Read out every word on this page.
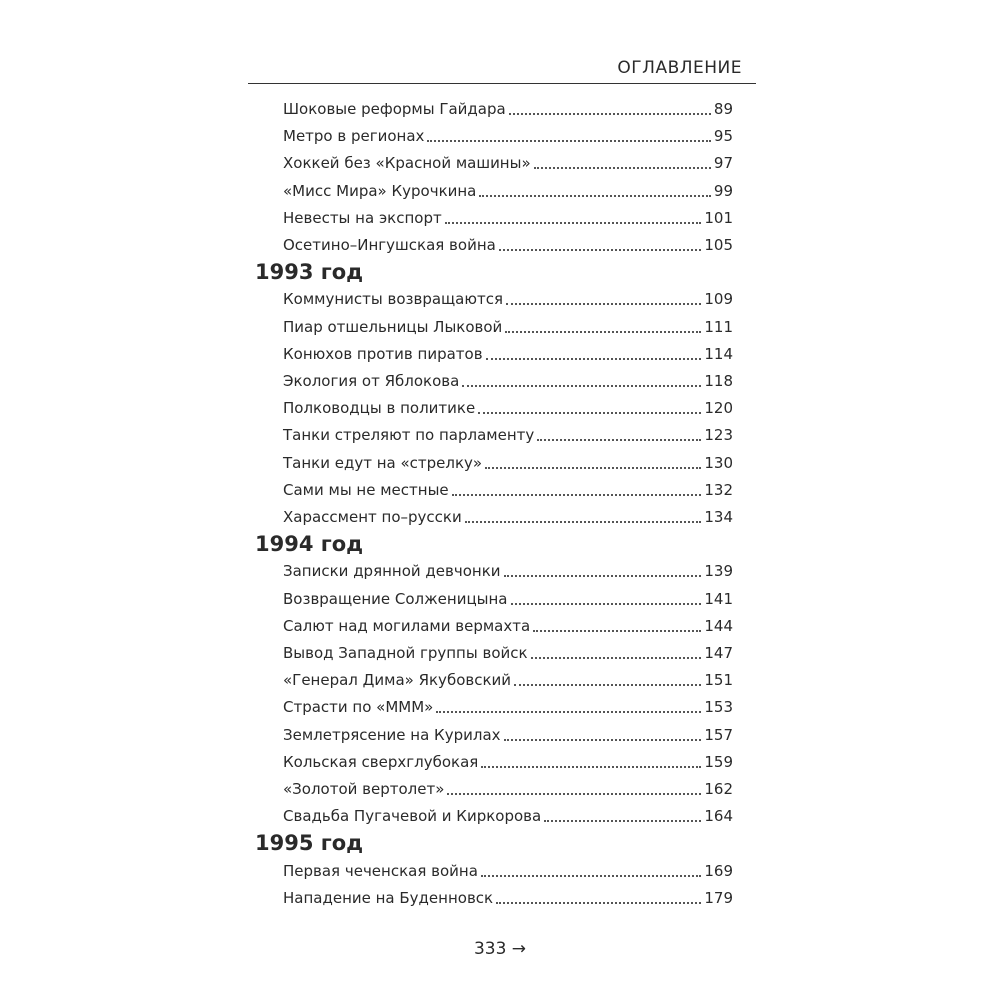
ОГЛАВЛЕНИЕ
Шоковые реформы Гайдара	89
Метро в регионах	95
Хоккей без «Красной машины»	97
«Мисс Мира» Курочкина	99
Невесты на экспорт	101
Осетино–Ингушская война	105
1993 год
Коммунисты возвращаются	109
Пиар отшельницы Лыковой	111
Конюхов против пиратов	114
Экология от Яблокова	118
Полководцы в политике	120
Танки стреляют по парламенту	123
Танки едут на «стрелку»	130
Сами мы не местные	132
Харассмент по–русски	134
1994 год
Записки дрянной девчонки	139
Возвращение Солженицына	141
Салют над могилами вермахта	144
Вывод Западной группы войск	147
«Генерал Дима» Якубовский	151
Страсти по «МММ»	153
Землетрясение на Курилах	157
Кольская сверхглубокая	159
«Золотой вертолет»	162
Свадьба Пугачевой и Киркорова	164
1995 год
Первая чеченская война	169
Нападение на Буденновск	179
333 →
